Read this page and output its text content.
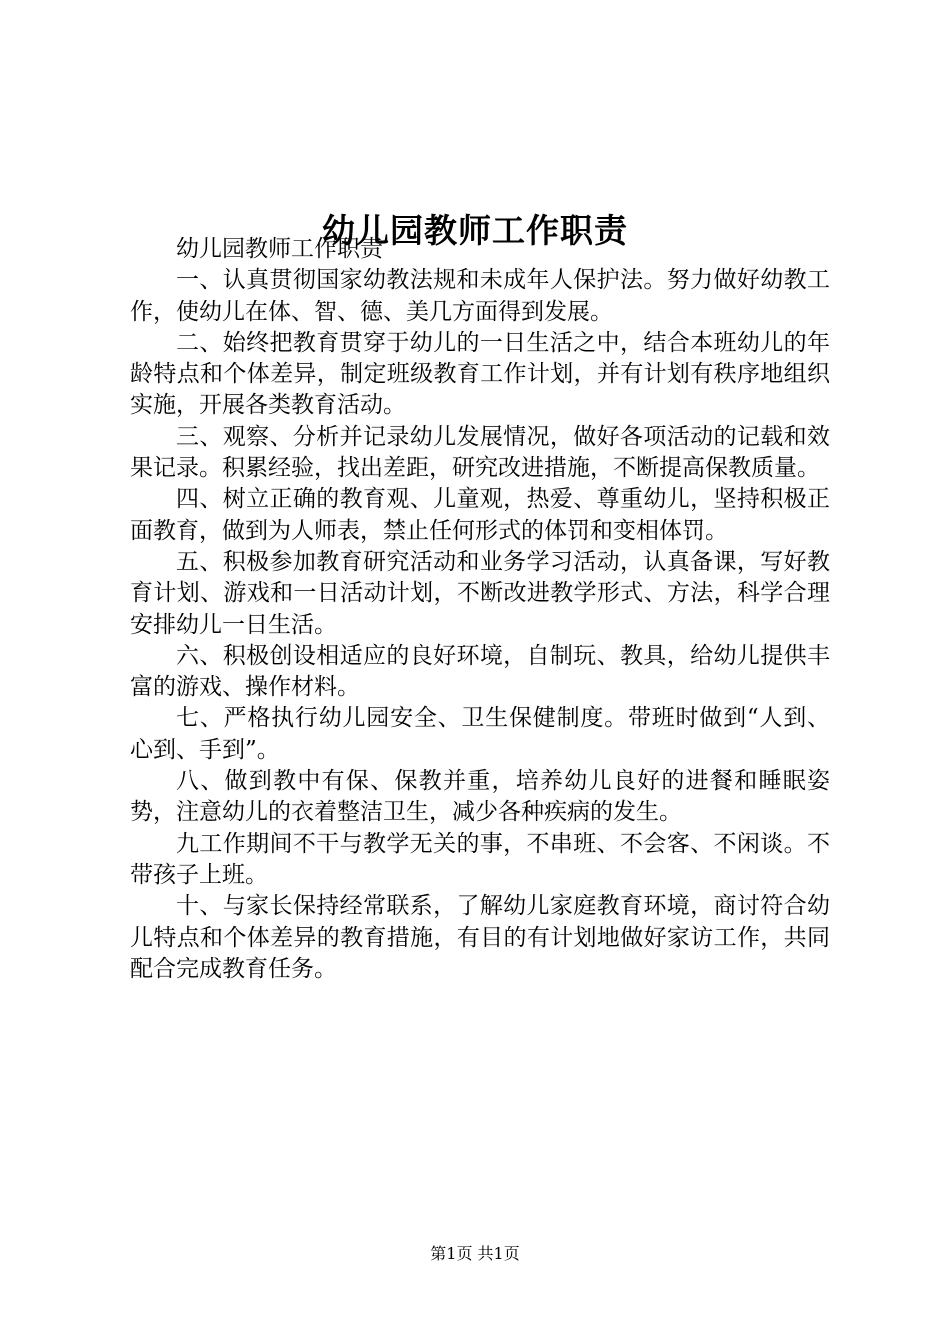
幼儿园教师工作职责

幼儿园教师工作职责

一、认真贯彻国家幼教法规和未成年人保护法。努力做好幼教工作，使幼儿在体、智、德、美几方面得到发展。

二、始终把教育贯穿于幼儿的一日生活之中，结合本班幼儿的年龄特点和个体差异，制定班级教育工作计划，并有计划有秩序地组织实施，开展各类教育活动。

三、观察、分析并记录幼儿发展情况，做好各项活动的记载和效果记录。积累经验，找出差距，研究改进措施，不断提高保教质量。

四、树立正确的教育观、儿童观，热爱、尊重幼儿，坚持积极正面教育，做到为人师表，禁止任何形式的体罚和变相体罚。

五、积极参加教育研究活动和业务学习活动，认真备课，写好教育计划、游戏和一日活动计划，不断改进教学形式、方法，科学合理安排幼儿一日生活。

六、积极创设相适应的良好环境，自制玩、教具，给幼儿提供丰富的游戏、操作材料。

七、严格执行幼儿园安全、卫生保健制度。带班时做到“人到、心到、手到”。

八、做到教中有保、保教并重，培养幼儿良好的进餐和睡眠姿势，注意幼儿的衣着整洁卫生，减少各种疾病的发生。

九工作期间不干与教学无关的事，不串班、不会客、不闲谈。不带孩子上班。

十、与家长保持经常联系，了解幼儿家庭教育环境，商讨符合幼儿特点和个体差异的教育措施，有目的有计划地做好家访工作，共同配合完成教育任务。

第1页 共1页
